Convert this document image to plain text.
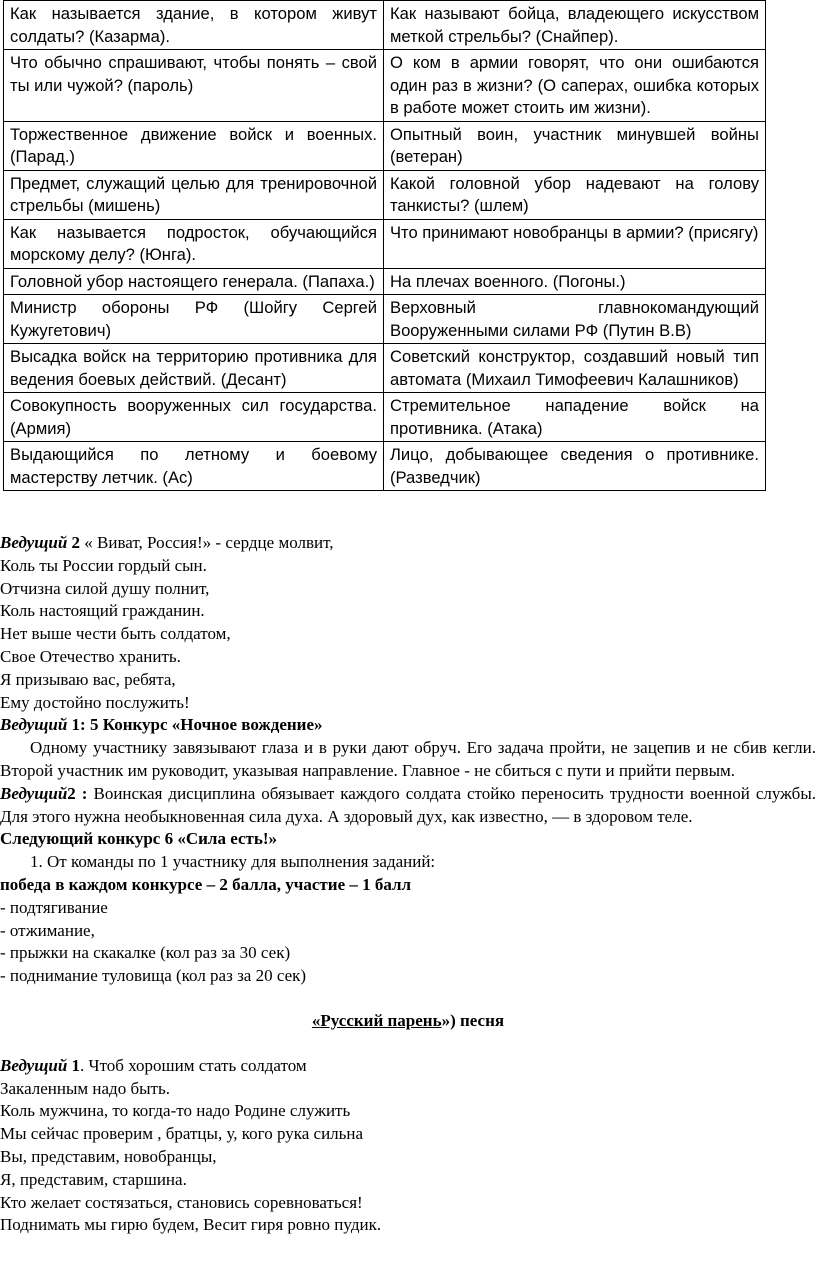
Как называется здание, в котором живут солдаты? (Казарма).	Как называют бойца, владеющего искусством меткой стрельбы? (Снайпер).
Что обычно спрашивают, чтобы понять – свой ты или чужой? (пароль)	О ком в армии говорят, что они ошибаются один раз в жизни? (О саперах, ошибка которых в работе может стоить им жизни).
Торжественное движение войск и военных. (Парад.)	Опытный воин, участник минувшей войны (ветеран)
Предмет, служащий целью для тренировочной стрельбы (мишень)	Какой головной убор надевают на голову танкисты? (шлем)
Как называется подросток, обучающийся морскому делу? (Юнга).	Что принимают новобранцы в армии? (присягу)
Головной убор настоящего генерала. (Папаха.)	На плечах военного. (Погоны.)
Министр обороны РФ (Шойгу Сергей Кужугетович)	Верховный главнокомандующий Вооруженными силами РФ (Путин В.В)
Высадка войск на территорию противника для ведения боевых действий. (Десант)	Советский конструктор, создавший новый тип автомата (Михаил Тимофеевич Калашников)
Совокупность вооруженных сил государства. (Армия)	Стремительное нападение войск на противника. (Атака)
Выдающийся по летному и боевому мастерству летчик. (Ас)	Лицо, добывающее сведения о противнике. (Разведчик)

Ведущий 2 « Виват, Россия!» - сердце молвит,

Коль ты России гордый сын.

Отчизна силой душу полнит,

Коль настоящий гражданин.

Нет выше чести быть солдатом,

Свое Отечество хранить.

Я призываю вас, ребята,

Ему достойно послужить!

Ведущий 1: 5 Конкурс «Ночное вождение»

Одному участнику завязывают глаза и в руки дают обруч. Его задача пройти, не зацепив и не сбив кегли. Второй участник им руководит, указывая направление. Главное - не сбиться с пути и прийти первым.

Ведущий2 : Воинская дисциплина обязывает каждого солдата стойко переносить трудности военной службы. Для этого нужна необыкновенная сила духа. А здоровый дух, как известно, — в здоровом теле.

Следующий конкурс 6 «Сила есть!»

1. От команды по 1 участнику для выполнения заданий:

победа в каждом конкурсе – 2 балла, участие – 1 балл

- подтягивание

- отжимание,

- прыжки на скакалке (кол раз за 30 сек)

- поднимание туловища (кол раз за 20 сек)

«Русский парень») песня

Ведущий 1. Чтоб хорошим стать солдатом

Закаленным надо быть.

Коль мужчина, то когда-то надо Родине служить

Мы сейчас проверим , братцы, у, кого рука сильна

Вы, представим, новобранцы,

Я, представим, старшина.

Кто желает состязаться, становись соревноваться!

Поднимать мы гирю будем, Весит гиря ровно пудик.
